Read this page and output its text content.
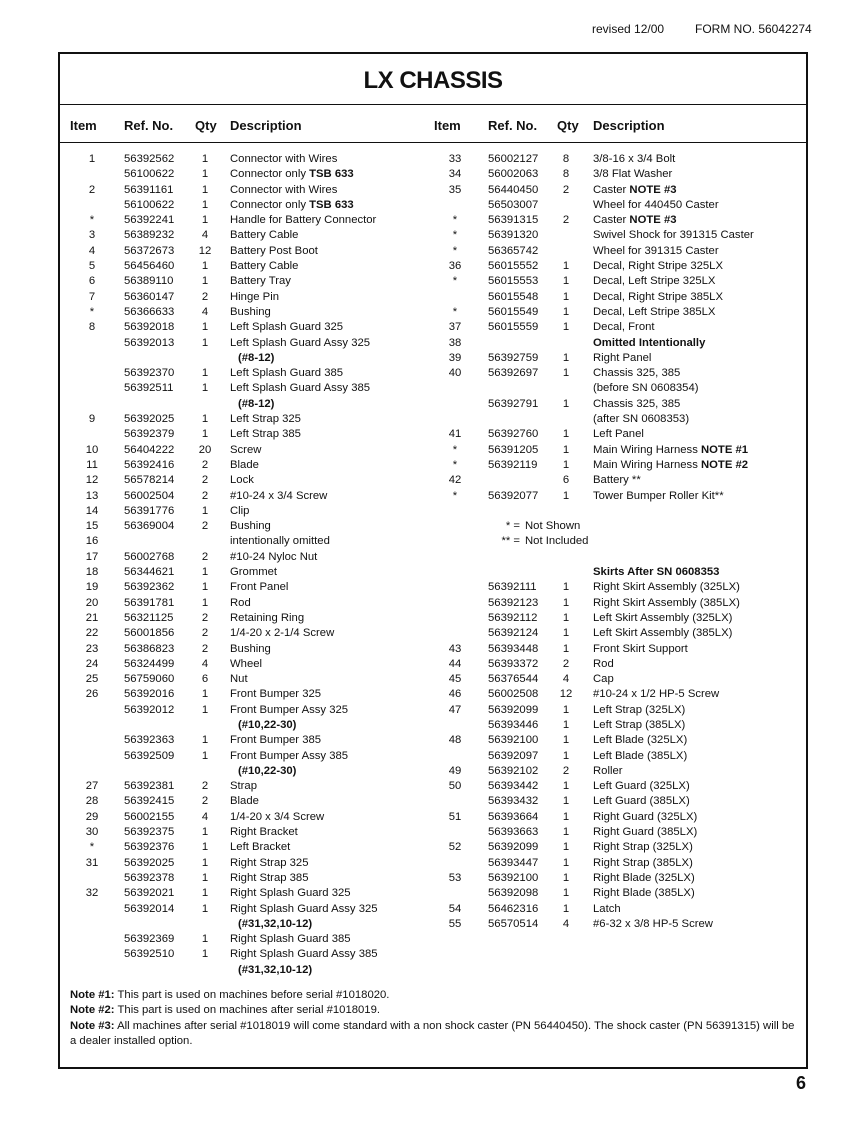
revised 12/00	FORM NO. 56042274
LX CHASSIS
Item Ref. No. Qty Description	Item Ref. No. Qty Description
1	56392562	1	Connector with Wires
56100622	1	Connector only TSB 633
2	56391161	1	Connector with Wires
56100622	1	Connector only TSB 633
*	56392241	1	Handle for Battery Connector
3	56389232	4	Battery Cable
4	56372673 12 Battery Post Boot
5	56456460	1	Battery Cable
6	56389110	1	Battery Tray
7	56360147	2	Hinge Pin
*	56366633	4	Bushing
8	56392018	1	Left Splash Guard 325
56392013	1	Left Splash Guard Assy 325
(#8-12)
56392370	1	Left Splash Guard 385
56392511	1	Left Splash Guard Assy 385
(#8-12)
9	56392025	1	Left Strap 325
56392379	1	Left Strap 385
10	56404222 20 Screw
11	56392416	2	Blade
12	56578214	2	Lock
13	56002504	2	#10-24 x 3/4 Screw
14	56391776	1	Clip
15	56369004	2	Bushing
16	intentionally omitted
17	56002768	2	#10-24 Nyloc Nut
18	56344621	1	Grommet
19	56392362	1	Front Panel
20	56391781	1	Rod
21	56321125	2	Retaining Ring
22	56001856	2	1/4-20 x 2-1/4 Screw
23	56386823	2	Bushing
24	56324499	4	Wheel
25	56759060	6	Nut
26	56392016	1	Front Bumper 325
56392012	1	Front Bumper Assy 325
(#10,22-30)
56392363	1	Front Bumper 385
56392509	1	Front Bumper Assy 385
(#10,22-30)
27	56392381	2	Strap
28	56392415	2	Blade
29	56002155	4	1/4-20 x 3/4 Screw
30	56392375	1	Right Bracket
*	56392376	1	Left Bracket
31	56392025	1	Right Strap 325
56392378	1	Right Strap 385
32	56392021	1	Right Splash Guard 325
56392014	1	Right Splash Guard Assy 325
(#31,32,10-12)
56392369	1	Right Splash Guard 385
56392510	1	Right Splash Guard Assy 385
(#31,32,10-12)
33	56002127	8	3/8-16 x 3/4 Bolt
34	56002063	8	3/8 Flat Washer
35	56440450	2	Caster NOTE #3
56503007	Wheel for 440450 Caster
*	56391315	2	Caster NOTE #3
*	56391320	Swivel Shock for 391315 Caster
*	56365742	Wheel for 391315 Caster
36	56015552	1	Decal, Right Stripe 325LX
*	56015553	1	Decal, Left Stripe 325LX
56015548	1	Decal, Right Stripe 385LX
*	56015549	1	Decal, Left Stripe 385LX
37	56015559	1	Decal, Front
38	Omitted Intentionally
39	56392759	1	Right Panel
40	56392697	1	Chassis 325, 385
(before SN 0608354)
56392791	1	Chassis 325, 385
(after SN 0608353)
41	56392760	1	Left Panel
*	56391205	1	Main Wiring Harness NOTE #1
*	56392119	1	Main Wiring Harness NOTE #2
42	6	Battery **
*	56392077	1	Tower Bumper Roller Kit**
* = Not Shown
** = Not Included
Skirts After SN 0608353
56392111	1	Right Skirt Assembly (325LX)
56392123	1	Right Skirt Assembly (385LX)
56392112	1	Left Skirt Assembly (325LX)
56392124	1	Left Skirt Assembly (385LX)
43	56393448	1	Front Skirt Support
44	56393372	2	Rod
45	56376544	4	Cap
46	56002508 12 #10-24 x 1/2 HP-5 Screw
47	56392099	1	Left Strap (325LX)
56393446	1	Left Strap (385LX)
48	56392100	1	Left Blade (325LX)
56392097	1	Left Blade (385LX)
49	56392102	2	Roller
50	56393442	1	Left Guard (325LX)
56393432	1	Left Guard (385LX)
51	56393664	1	Right Guard (325LX)
56393663	1	Right Guard (385LX)
52	56392099	1	Right Strap (325LX)
56393447	1	Right Strap (385LX)
53	56392100	1	Right Blade (325LX)
56392098	1	Right Blade (385LX)
54	56462316	1	Latch
55	56570514	4	#6-32 x 3/8 HP-5 Screw

Note #1: This part is used on machines before serial #1018020.

Note #2: This part is used on machines after serial #1018019.

Note #3: All machines after serial #1018019 will come standard with a non shock caster (PN 56440450). The shock caster (PN 56391315) will be a dealer installed option.

6
